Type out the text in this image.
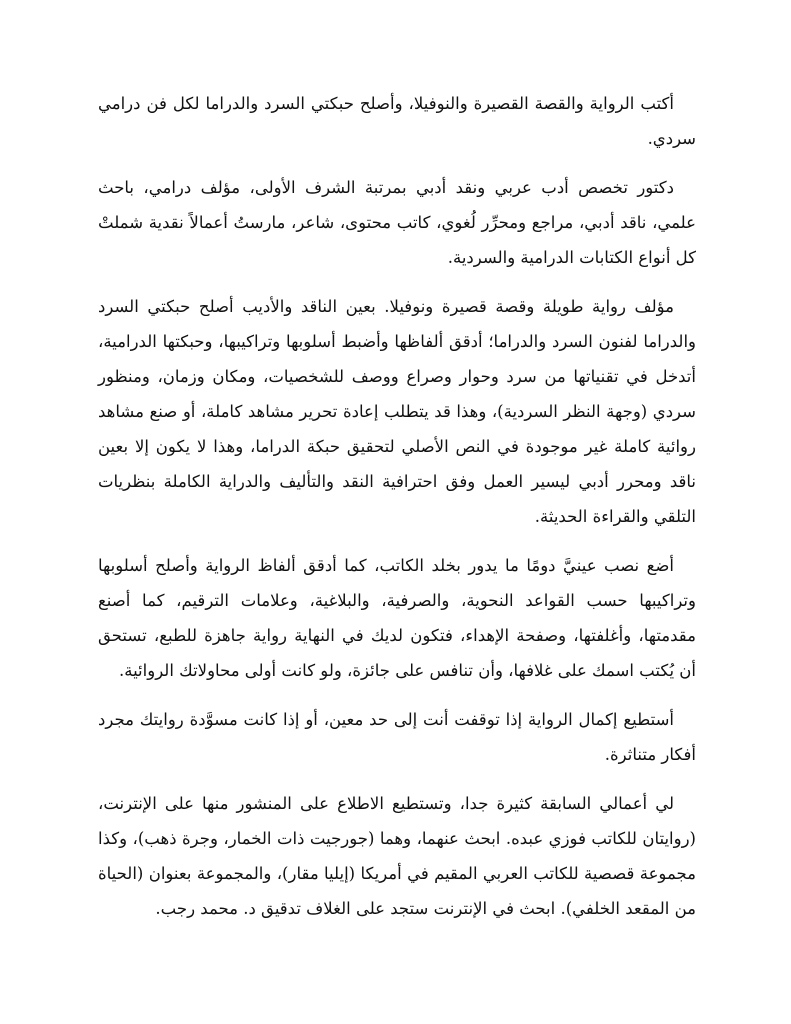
أكتب الرواية والقصة القصيرة والنوفيلا، وأصلح حبكتي السرد والدراما لكل فن درامي سردي.

دكتور تخصص أدب عربي ونقد أدبي بمرتبة الشرف الأولى، مؤلف درامي، باحث علمي، ناقد أدبي، مراجع ومحرِّر لُغوي، كاتب محتوى، شاعر، مارستُ أعمالاً نقدية شملتْ كل أنواع الكتابات الدرامية والسردية.

مؤلف رواية طويلة وقصة قصيرة ونوفيلا. بعين الناقد والأديب أصلح حبكتي السرد والدراما لفنون السرد والدراما؛ أدقق ألفاظها وأضبط أسلوبها وتراكيبها، وحبكتها الدرامية، أتدخل في تقنياتها من سرد وحوار وصراع ووصف للشخصيات، ومكان وزمان، ومنظور سردي (وجهة النظر السردية)، وهذا قد يتطلب إعادة تحرير مشاهد كاملة، أو صنع مشاهد روائية كاملة غير موجودة في النص الأصلي لتحقيق حبكة الدراما، وهذا لا يكون إلا بعين ناقد ومحرر أدبي ليسير العمل وفق احترافية النقد والتأليف والدراية الكاملة بنظريات التلقي والقراءة الحديثة.

أضع نصب عينيَّ دومًا ما يدور بخلد الكاتب، كما أدقق ألفاظ الرواية وأصلح أسلوبها وتراكيبها حسب القواعد النحوية، والصرفية، والبلاغية، وعلامات الترقيم، كما أصنع مقدمتها، وأغلفتها، وصفحة الإهداء، فتكون لديك في النهاية رواية جاهزة للطبع، تستحق أن يُكتب اسمك على غلافها، وأن تنافس على جائزة، ولو كانت أولى محاولاتك الروائية.

أستطيع إكمال الرواية إذا توقفت أنت إلى حد معين، أو إذا كانت مسوَّدة روايتك مجرد أفكار متناثرة.

لي أعمالي السابقة كثيرة جدا، وتستطيع الاطلاع على المنشور منها على الإنترنت، (روايتان للكاتب فوزي عبده. ابحث عنهما، وهما (جورجيت ذات الخمار، وجرة ذهب)، وكذا مجموعة قصصية للكاتب العربي المقيم في أمريكا (إيليا مقار)، والمجموعة بعنوان (الحياة من المقعد الخلفي). ابحث في الإنترنت ستجد على الغلاف تدقيق د. محمد رجب.
